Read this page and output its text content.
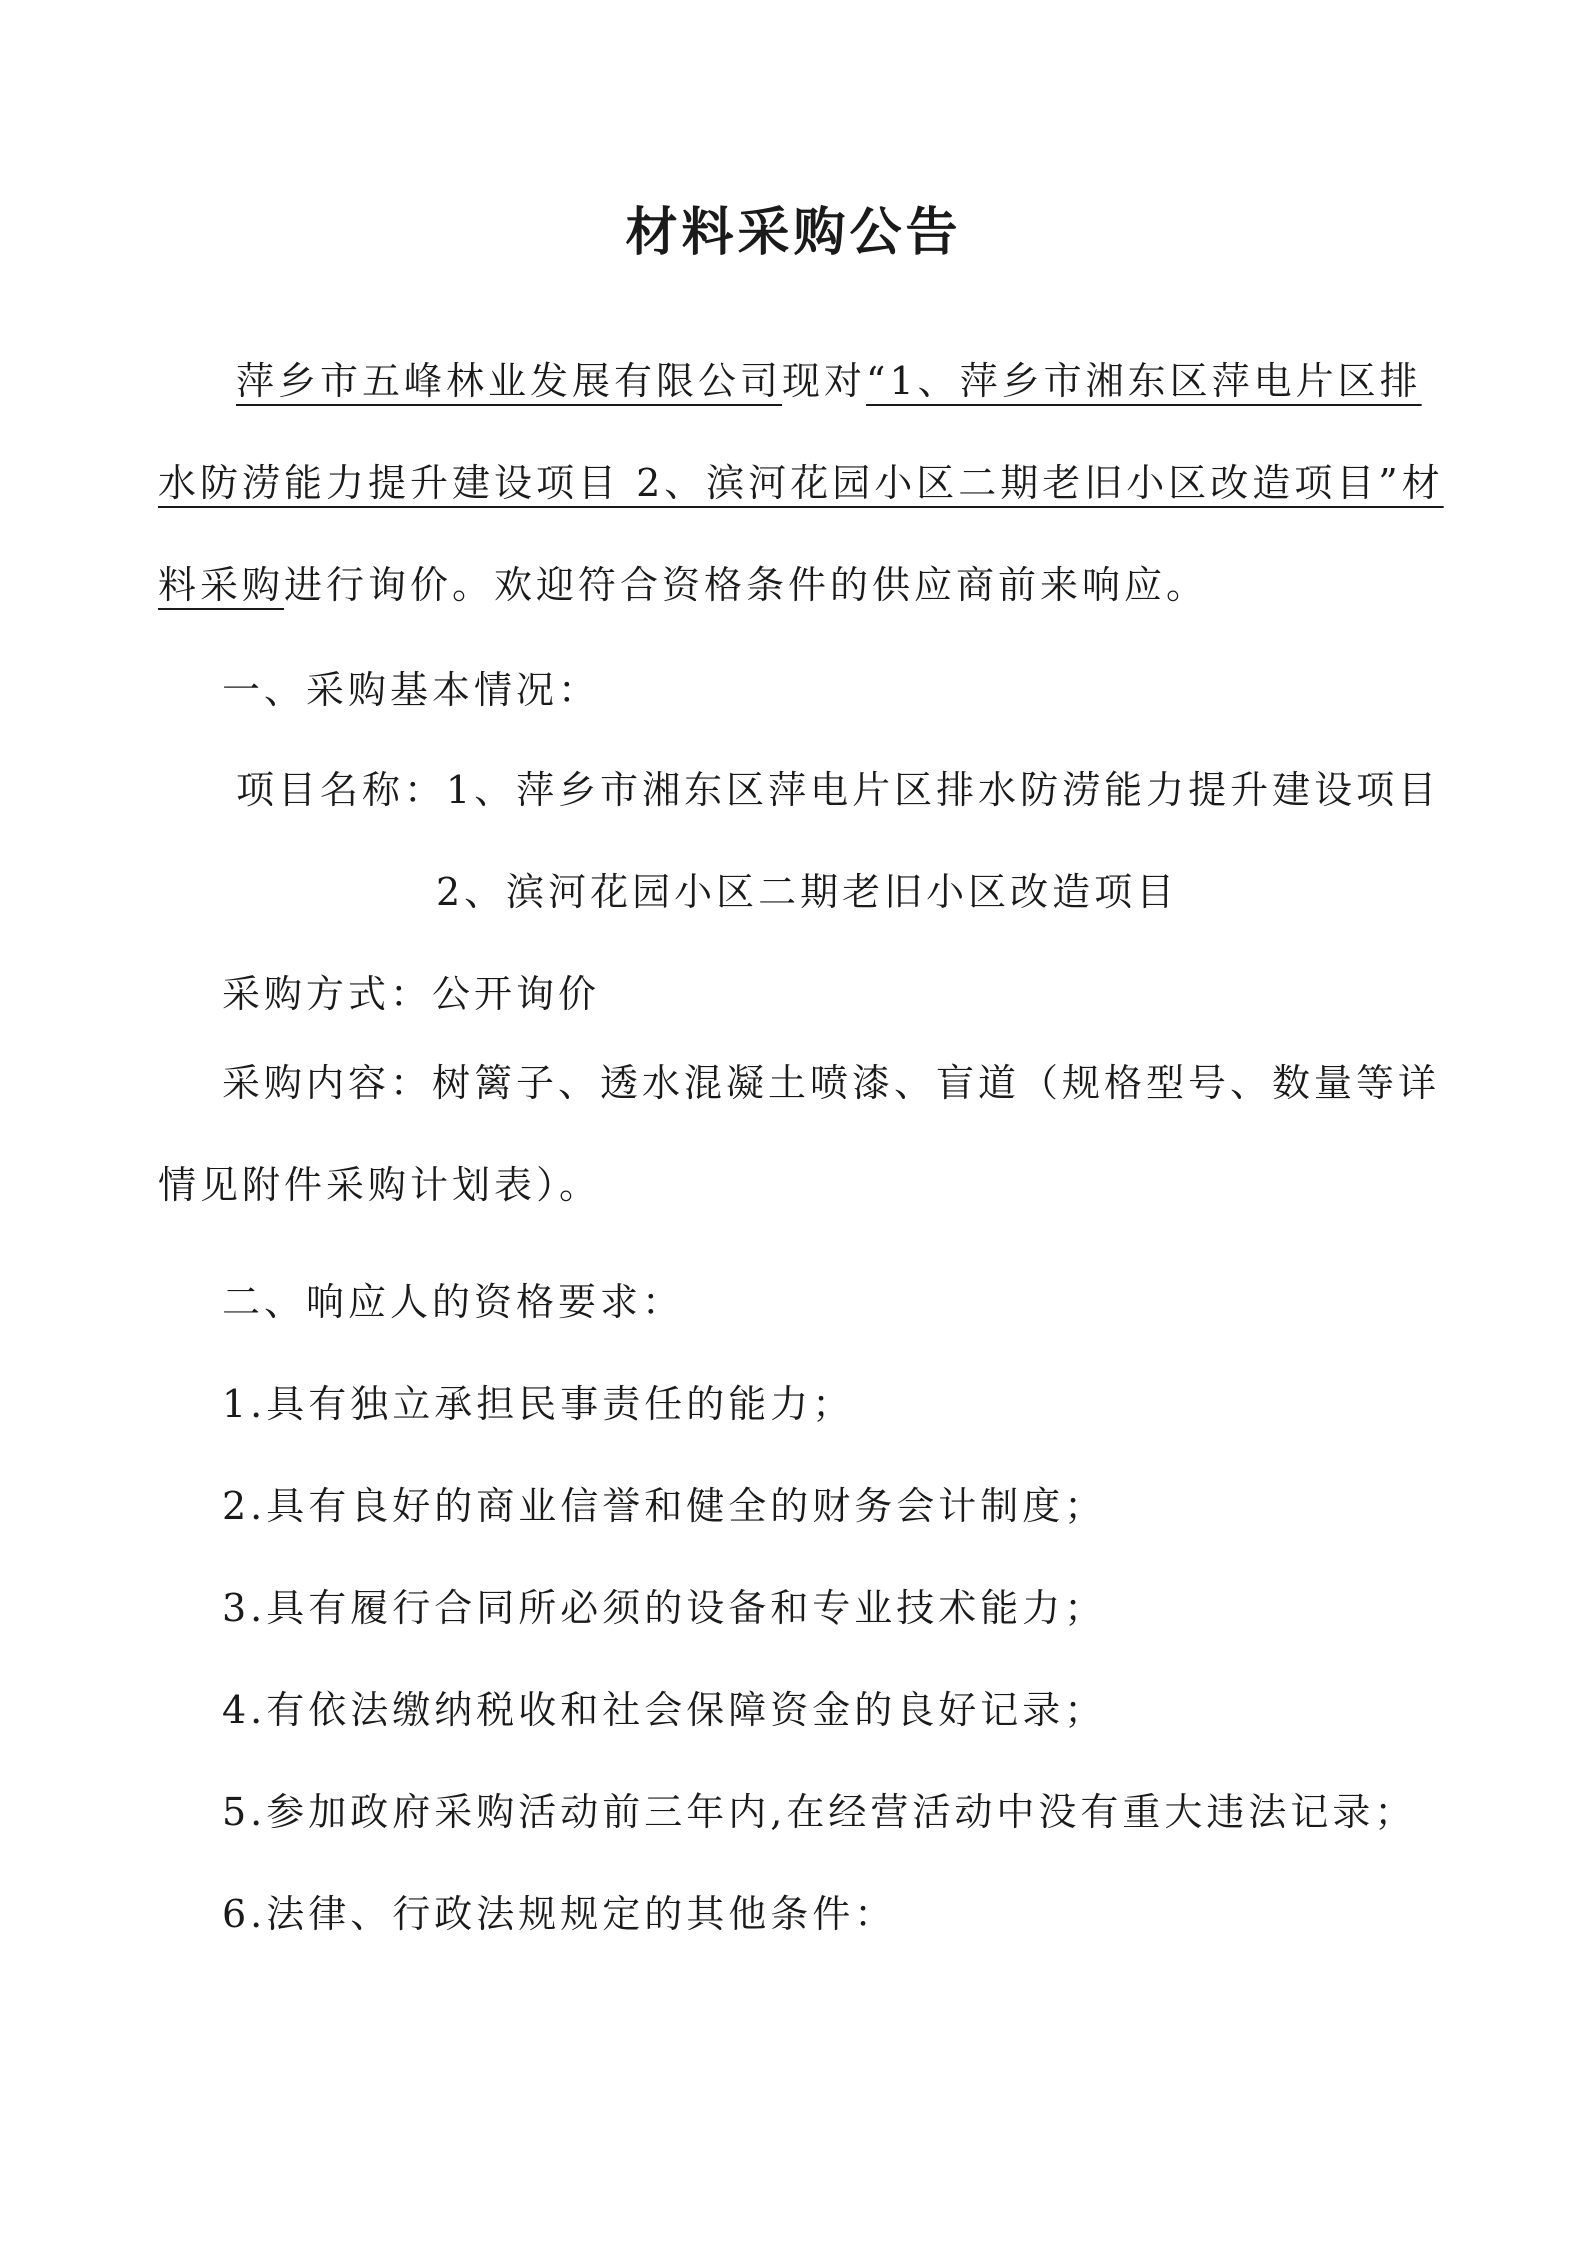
材料采购公告
萍乡市五峰林业发展有限公司现对“1、萍乡市湘东区萍电片区排水防涝能力提升建设项目 2、滨河花园小区二期老旧小区改造项目”材料采购进行询价。欢迎符合资格条件的供应商前来响应。
一、采购基本情况：
项目名称：1、萍乡市湘东区萍电片区排水防涝能力提升建设项目
2、滨河花园小区二期老旧小区改造项目
采购方式：公开询价
采购内容：树篱子、透水混凝土喷漆、盲道（规格型号、数量等详情见附件采购计划表）。
二、响应人的资格要求：
1.具有独立承担民事责任的能力；
2.具有良好的商业信誉和健全的财务会计制度；
3.具有履行合同所必须的设备和专业技术能力；
4.有依法缴纳税收和社会保障资金的良好记录；
5.参加政府采购活动前三年内,在经营活动中没有重大违法记录；
6.法律、行政法规规定的其他条件：
